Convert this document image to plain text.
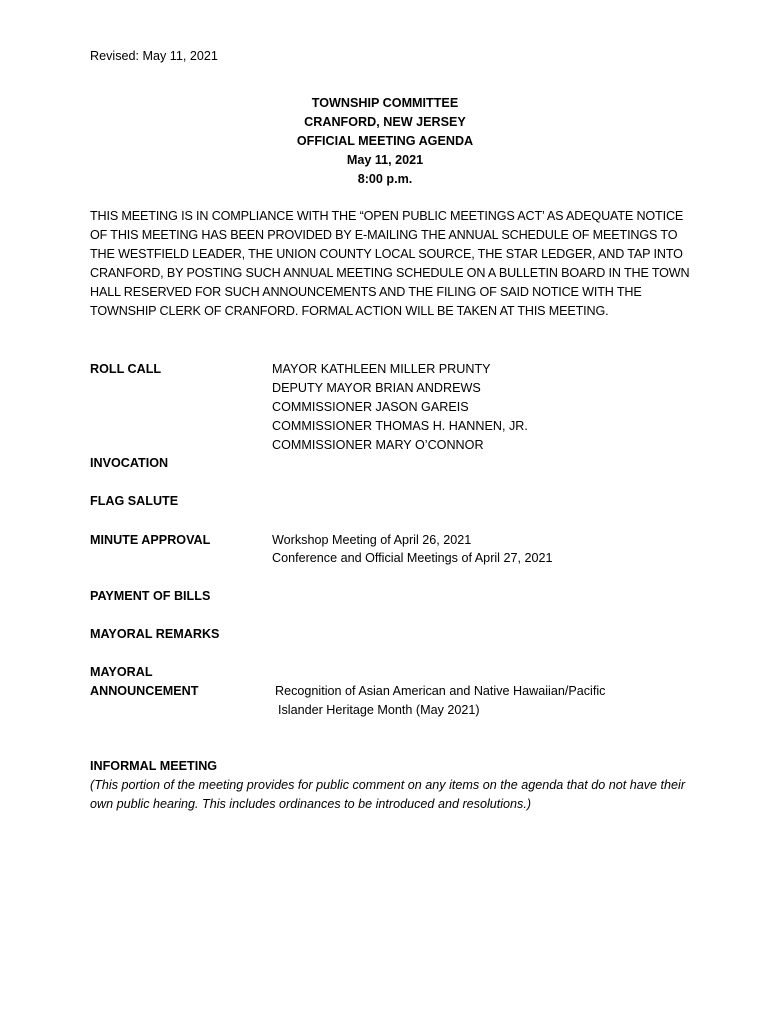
Revised: May 11, 2021
TOWNSHIP COMMITTEE
CRANFORD, NEW JERSEY
OFFICIAL MEETING AGENDA
May 11, 2021
8:00 p.m.
THIS MEETING IS IN COMPLIANCE WITH THE “OPEN PUBLIC MEETINGS ACT’ AS ADEQUATE NOTICE OF THIS MEETING HAS BEEN PROVIDED BY E-MAILING THE ANNUAL SCHEDULE OF MEETINGS TO THE WESTFIELD LEADER, THE UNION COUNTY LOCAL SOURCE, THE STAR LEDGER, AND TAP INTO CRANFORD, BY POSTING SUCH ANNUAL MEETING SCHEDULE ON A BULLETIN BOARD IN THE TOWN HALL RESERVED FOR SUCH ANNOUNCEMENTS AND THE FILING OF SAID NOTICE WITH THE TOWNSHIP CLERK OF CRANFORD. FORMAL ACTION WILL BE TAKEN AT THIS MEETING.
ROLL CALL	MAYOR KATHLEEN MILLER PRUNTY
DEPUTY MAYOR BRIAN ANDREWS
COMMISSIONER JASON GAREIS
COMMISSIONER THOMAS H. HANNEN, JR.
COMMISSIONER MARY O’CONNOR
INVOCATION
FLAG SALUTE
MINUTE APPROVAL	Workshop Meeting of April 26, 2021
Conference and Official Meetings of April 27, 2021
PAYMENT OF BILLS
MAYORAL REMARKS
MAYORAL
ANNOUNCEMENT	Recognition of Asian American and Native Hawaiian/Pacific
Islander Heritage Month (May 2021)
INFORMAL MEETING
(This portion of the meeting provides for public comment on any items on the agenda that do not have their own public hearing. This includes ordinances to be introduced and resolutions.)
